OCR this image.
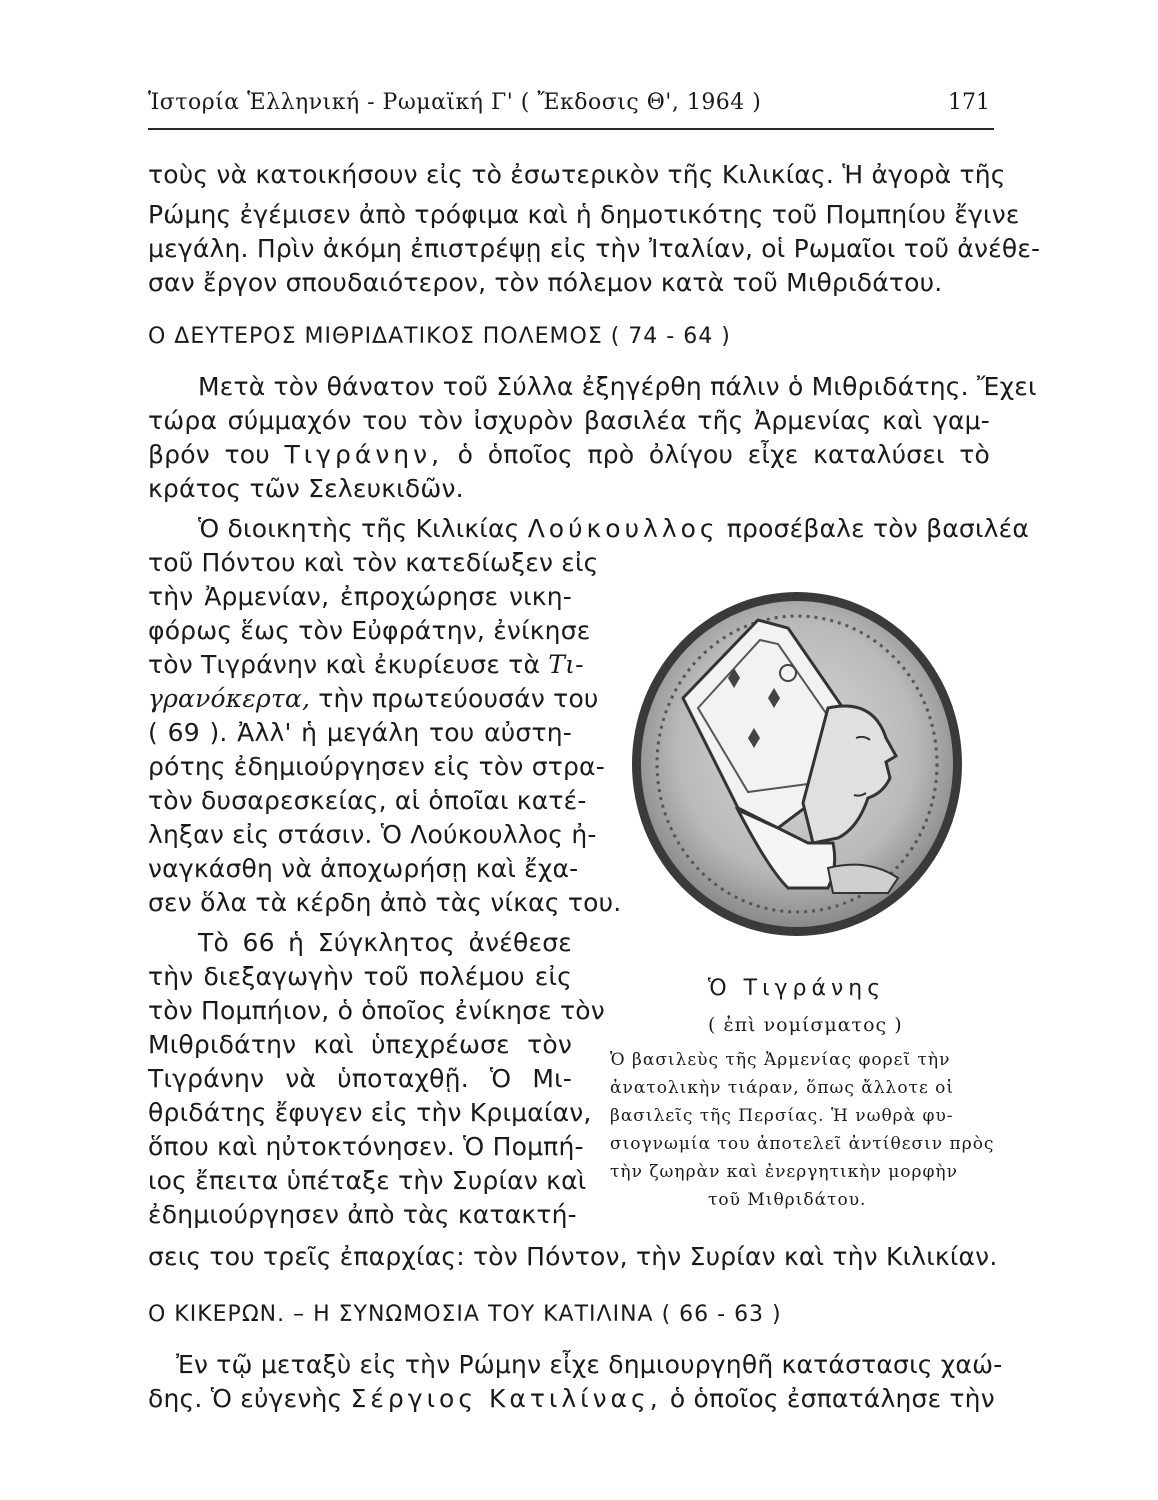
Ἱστορία Ἑλληνική - Ρωμαϊκή Γ' ( Ἔκδοσις Θ', 1964 )	171
τοὺς νὰ κατοικήσουν εἰς τὸ ἐσωτερικὸν τῆς Κιλικίας. Ἡ ἀγορὰ τῆς
Ρώμης ἐγέμισεν ἀπὸ τρόφιμα καὶ ἡ δημοτικότης τοῦ Πομπηίου ἔγινε
μεγάλη. Πρὶν ἀκόμη ἐπιστρέψῃ εἰς τὴν Ἰταλίαν, οἱ Ρωμαῖοι τοῦ ἀνέθε-
σαν ἔργον σπουδαιότερον, τὸν πόλεμον κατὰ τοῦ Μιθριδάτου.
Ο ΔΕΥΤΕΡΟΣ ΜΙΘΡΙΔΑΤΙΚΟΣ ΠΟΛΕΜΟΣ ( 74 - 64 )
Μετὰ τὸν θάνατον τοῦ Σύλλα ἐξηγέρθη πάλιν ὁ Μιθριδάτης. Ἔχει
τώρα σύμμαχόν του τὸν ἰσχυρὸν βασιλέα τῆς Ἀρμενίας καὶ γαμ-
βρόν του Τιγράνην, ὁ ὁποῖος πρὸ ὀλίγου εἶχε καταλύσει τὸ
κράτος τῶν Σελευκιδῶν.
Ὁ διοικητὴς τῆς Κιλικίας Λούκουλλος προσέβαλε τὸν βασιλέα
τοῦ Πόντου καὶ τὸν κατεδίωξεν εἰς
τὴν Ἀρμενίαν, ἐπροχώρησε νικη-
φόρως ἕως τὸν Εὐφράτην, ἐνίκησε
τὸν Τιγράνην καὶ ἐκυρίευσε τὰ Τι-
γρανόκερτα, τὴν πρωτεύουσάν του
( 69 ). Ἀλλ' ἡ μεγάλη του αὐστη-
ρότης ἐδημιούργησεν εἰς τὸν στρα-
τὸν δυσαρεσκείας, αἱ ὁποῖαι κατέ-
ληξαν εἰς στάσιν. Ὁ Λούκουλλος ἠ-
ναγκάσθη νὰ ἀποχωρήσῃ καὶ ἔχα-
σεν ὅλα τὰ κέρδη ἀπὸ τὰς νίκας του.
Τὸ 66 ἡ Σύγκλητος ἀνέθεσε
τὴν διεξαγωγὴν τοῦ πολέμου εἰς
τὸν Πομπήιον, ὁ ὁποῖος ἐνίκησε τὸν
Μιθριδάτην καὶ ὑπεχρέωσε τὸν
Τιγράνην νὰ ὑποταχθῇ. Ὁ Μι-
θριδάτης ἔφυγεν εἰς τὴν Κριμαίαν,
ὅπου καὶ ηὐτοκτόνησεν. Ὁ Πομπή-
ιος ἔπειτα ὑπέταξε τὴν Συρίαν καὶ
ἐδημιούργησεν ἀπὸ τὰς κατακτή-
σεις του τρεῖς ἐπαρχίας: τὸν Πόντον, τὴν Συρίαν καὶ τὴν Κιλικίαν.
Ὁ Τιγράνης
( ἐπὶ νομίσματος )
Ὁ βασιλεὺς τῆς Ἀρμενίας φορεῖ τὴν
ἀνατολικὴν τιάραν, ὅπως ἄλλοτε οἱ
βασιλεῖς τῆς Περσίας. Ἡ νωθρὰ φυ-
σιογνωμία του ἀποτελεῖ ἀντίθεσιν πρὸς
τὴν ζωηρὰν καὶ ἐνεργητικὴν μορφὴν
τοῦ Μιθριδάτου.
Ο ΚΙΚΕΡΩΝ. – Η ΣΥΝΩΜΟΣΙΑ ΤΟΥ ΚΑΤΙΛΙΝΑ ( 66 - 63 )
Ἐν τῷ μεταξὺ εἰς τὴν Ρώμην εἶχε δημιουργηθῆ κατάστασις χαώ-
δης. Ὁ εὐγενὴς Σέργιος Κατιλίνας, ὁ ὁποῖος ἐσπατάλησε τὴν
